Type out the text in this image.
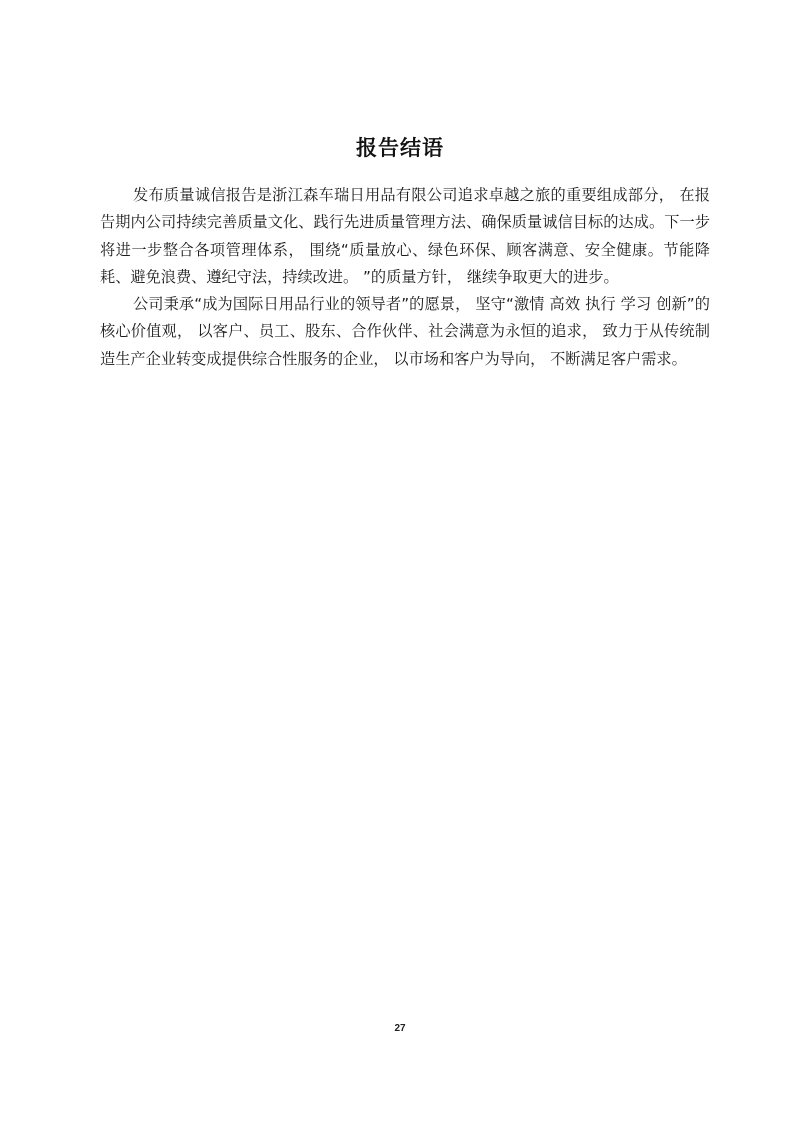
报告结语

发布质量诚信报告是浙江森车瑞日用品有限公司追求卓越之旅的重要组成部分， 在报告期内公司持续完善质量文化、践行先进质量管理方法、确保质量诚信目标的达成。下一步将进一步整合各项管理体系， 围绕“质量放心、绿色环保、顾客满意、安全健康。节能降耗、避免浪费、遵纪守法，持续改进。 ”的质量方针， 继续争取更大的进步。

公司秉承“成为国际日用品行业的领导者”的愿景， 坚守“激情 高效 执行 学习 创新”的核心价值观， 以客户、员工、股东、合作伙伴、社会满意为永恒的追求， 致力于从传统制造生产企业转变成提供综合性服务的企业， 以市场和客户为导向， 不断满足客户需求。

27
